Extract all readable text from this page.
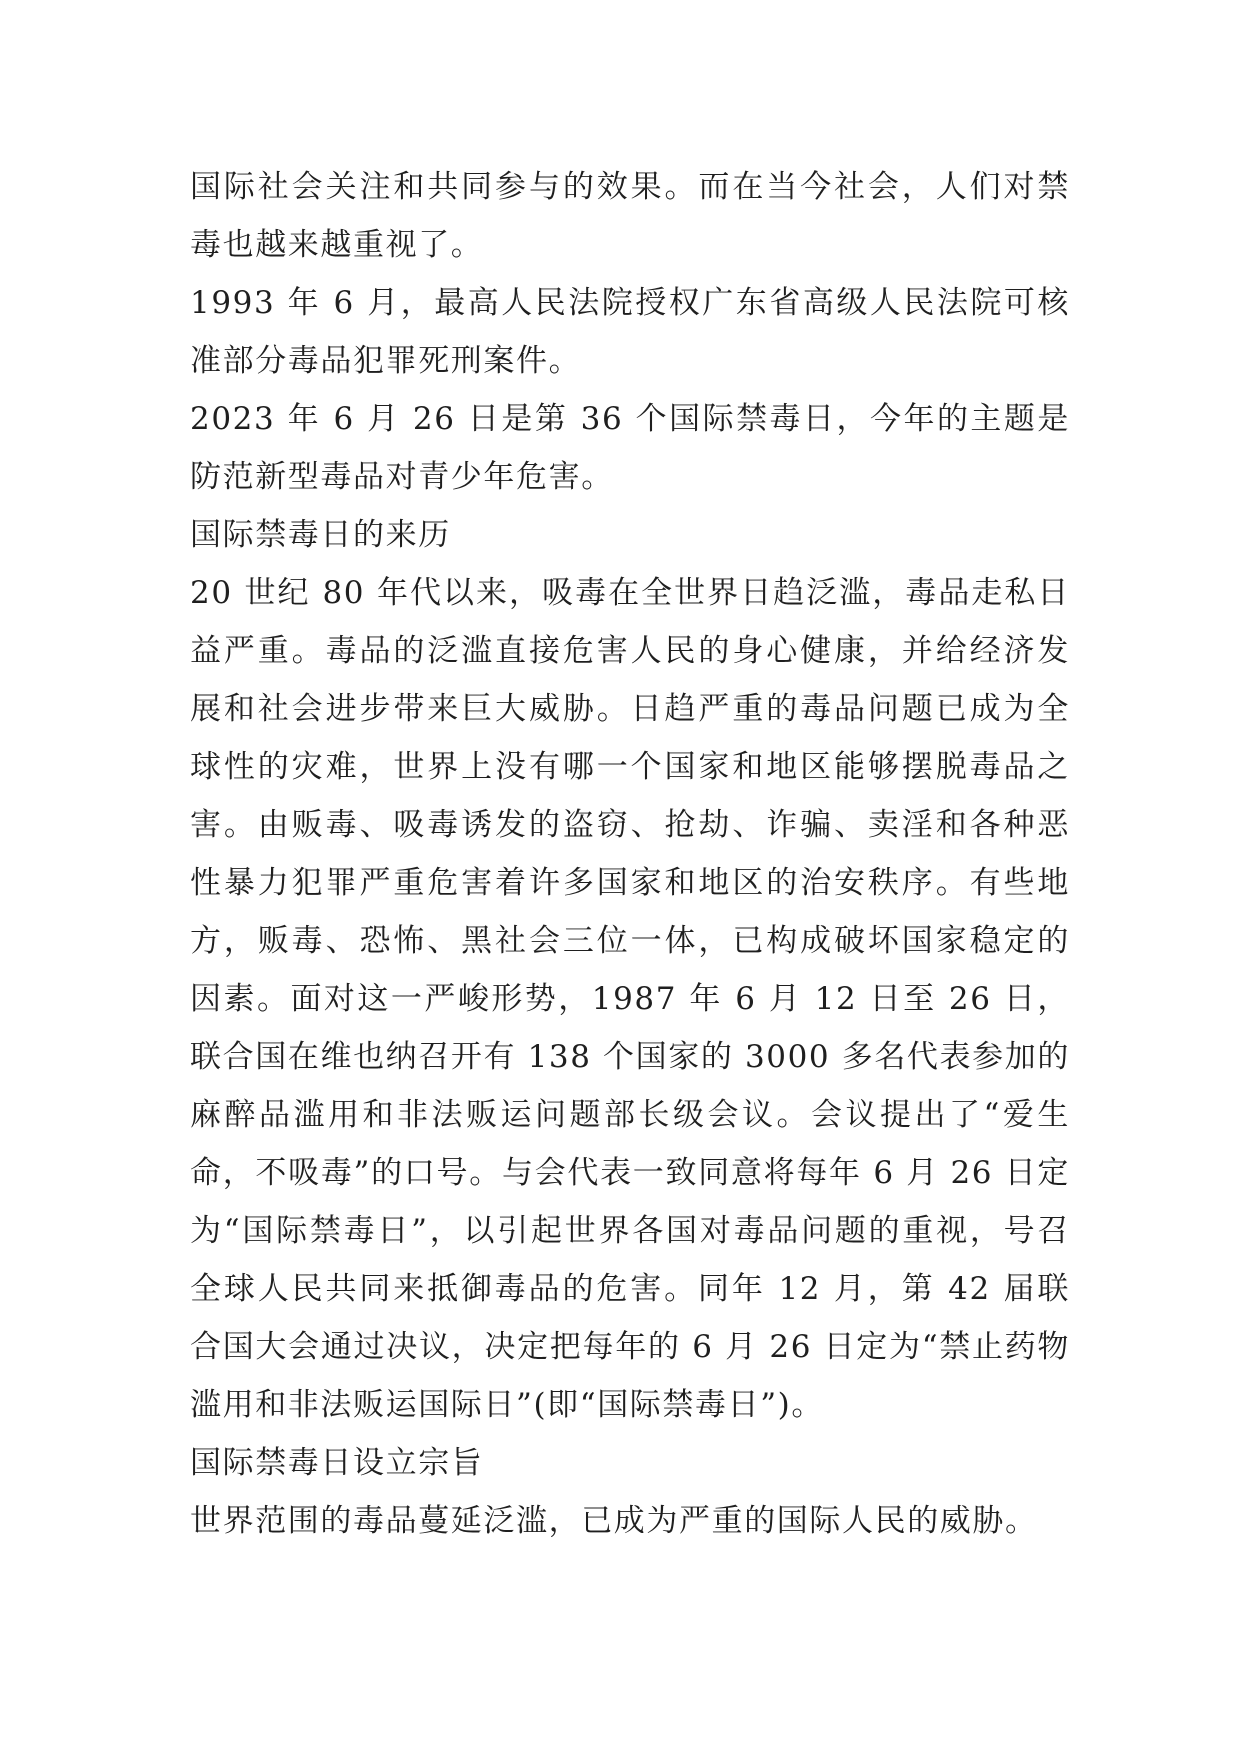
国际社会关注和共同参与的效果。而在当今社会，人们对禁毒也越来越重视了。

1993 年 6 月，最高人民法院授权广东省高级人民法院可核准部分毒品犯罪死刑案件。

2023 年 6 月 26 日是第 36 个国际禁毒日，今年的主题是防范新型毒品对青少年危害。

国际禁毒日的来历

20 世纪 80 年代以来，吸毒在全世界日趋泛滥，毒品走私日益严重。毒品的泛滥直接危害人民的身心健康，并给经济发展和社会进步带来巨大威胁。日趋严重的毒品问题已成为全球性的灾难，世界上没有哪一个国家和地区能够摆脱毒品之害。由贩毒、吸毒诱发的盗窃、抢劫、诈骗、卖淫和各种恶性暴力犯罪严重危害着许多国家和地区的治安秩序。有些地方，贩毒、恐怖、黑社会三位一体，已构成破坏国家稳定的因素。面对这一严峻形势，1987 年 6 月 12 日至 26 日，联合国在维也纳召开有 138 个国家的 3000 多名代表参加的麻醉品滥用和非法贩运问题部长级会议。会议提出了“爱生命，不吸毒”的口号。与会代表一致同意将每年 6 月 26 日定为“国际禁毒日”，以引起世界各国对毒品问题的重视，号召全球人民共同来抵御毒品的危害。同年 12 月，第 42 届联合国大会通过决议，决定把每年的 6 月 26 日定为“禁止药物滥用和非法贩运国际日”(即“国际禁毒日”)。

国际禁毒日设立宗旨

世界范围的毒品蔓延泛滥，已成为严重的国际人民的威胁。
